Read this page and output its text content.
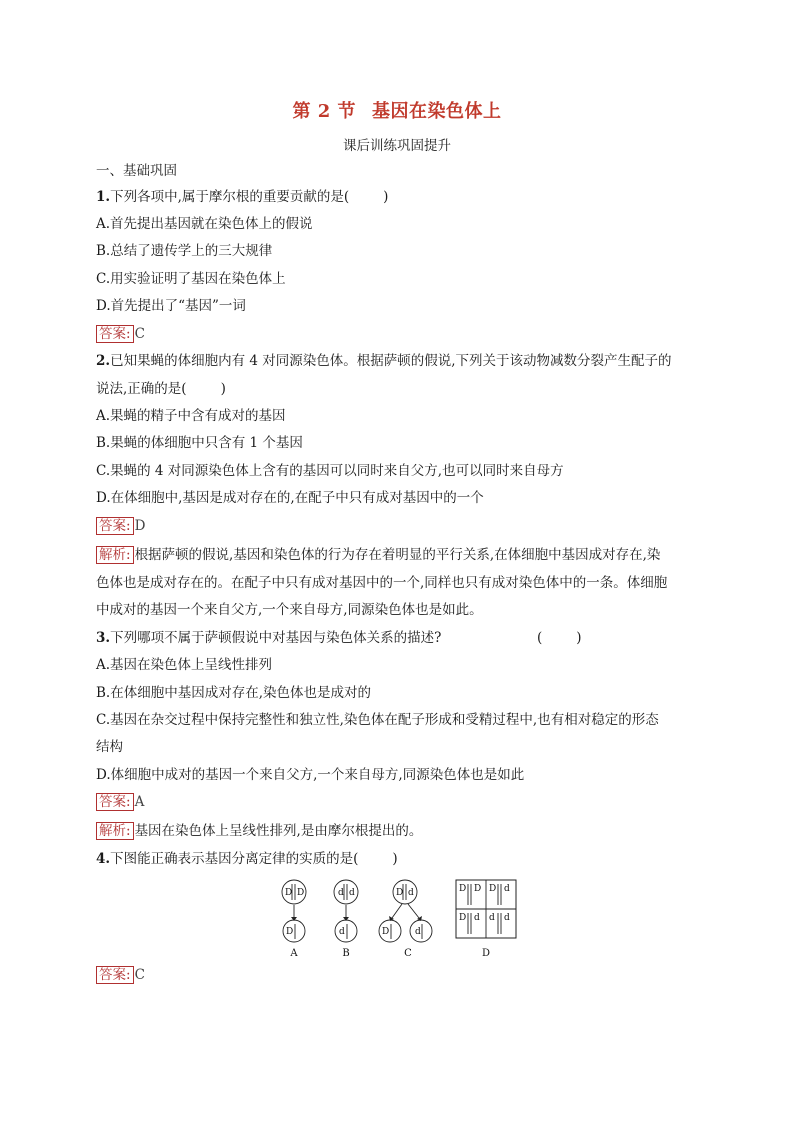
第 2 节 基因在染色体上
课后训练巩固提升
一、基础巩固
1.下列各项中,属于摩尔根的重要贡献的是(	)
A.首先提出基因就在染色体上的假说
B.总结了遗传学上的三大规律
C.用实验证明了基因在染色体上
D.首先提出了“基因”一词
答案: C
2.已知果蝇的体细胞内有 4 对同源染色体。根据萨顿的假说,下列关于该动物减数分裂产生配子的
说法,正确的是(	)
A.果蝇的精子中含有成对的基因
B.果蝇的体细胞中只含有 1 个基因
C.果蝇的 4 对同源染色体上含有的基因可以同时来自父方,也可以同时来自母方
D.在体细胞中,基因是成对存在的,在配子中只有成对基因中的一个
答案: D
解析: 根据萨顿的假说,基因和染色体的行为存在着明显的平行关系,在体细胞中基因成对存在,染
色体也是成对存在的。在配子中只有成对基因中的一个,同样也只有成对染色体中的一条。体细胞
中成对的基因一个来自父方,一个来自母方,同源染色体也是如此。
3.下列哪项不属于萨顿假说中对基因与染色体关系的描述?	(	)
A.基因在染色体上呈线性排列
B.在体细胞中基因成对存在,染色体也是成对的
C.基因在杂交过程中保持完整性和独立性,染色体在配子形成和受精过程中,也有相对稳定的形态
结构
D.体细胞中成对的基因一个来自父方,一个来自母方,同源染色体也是如此
答案: A
解析: 基因在染色体上呈线性排列,是由摩尔根提出的。
4.下图能正确表示基因分离定律的实质的是(	)
D D
D
d d
d
D d
D	d
D D D d
D d d d
A	B	C	D
答案: C
